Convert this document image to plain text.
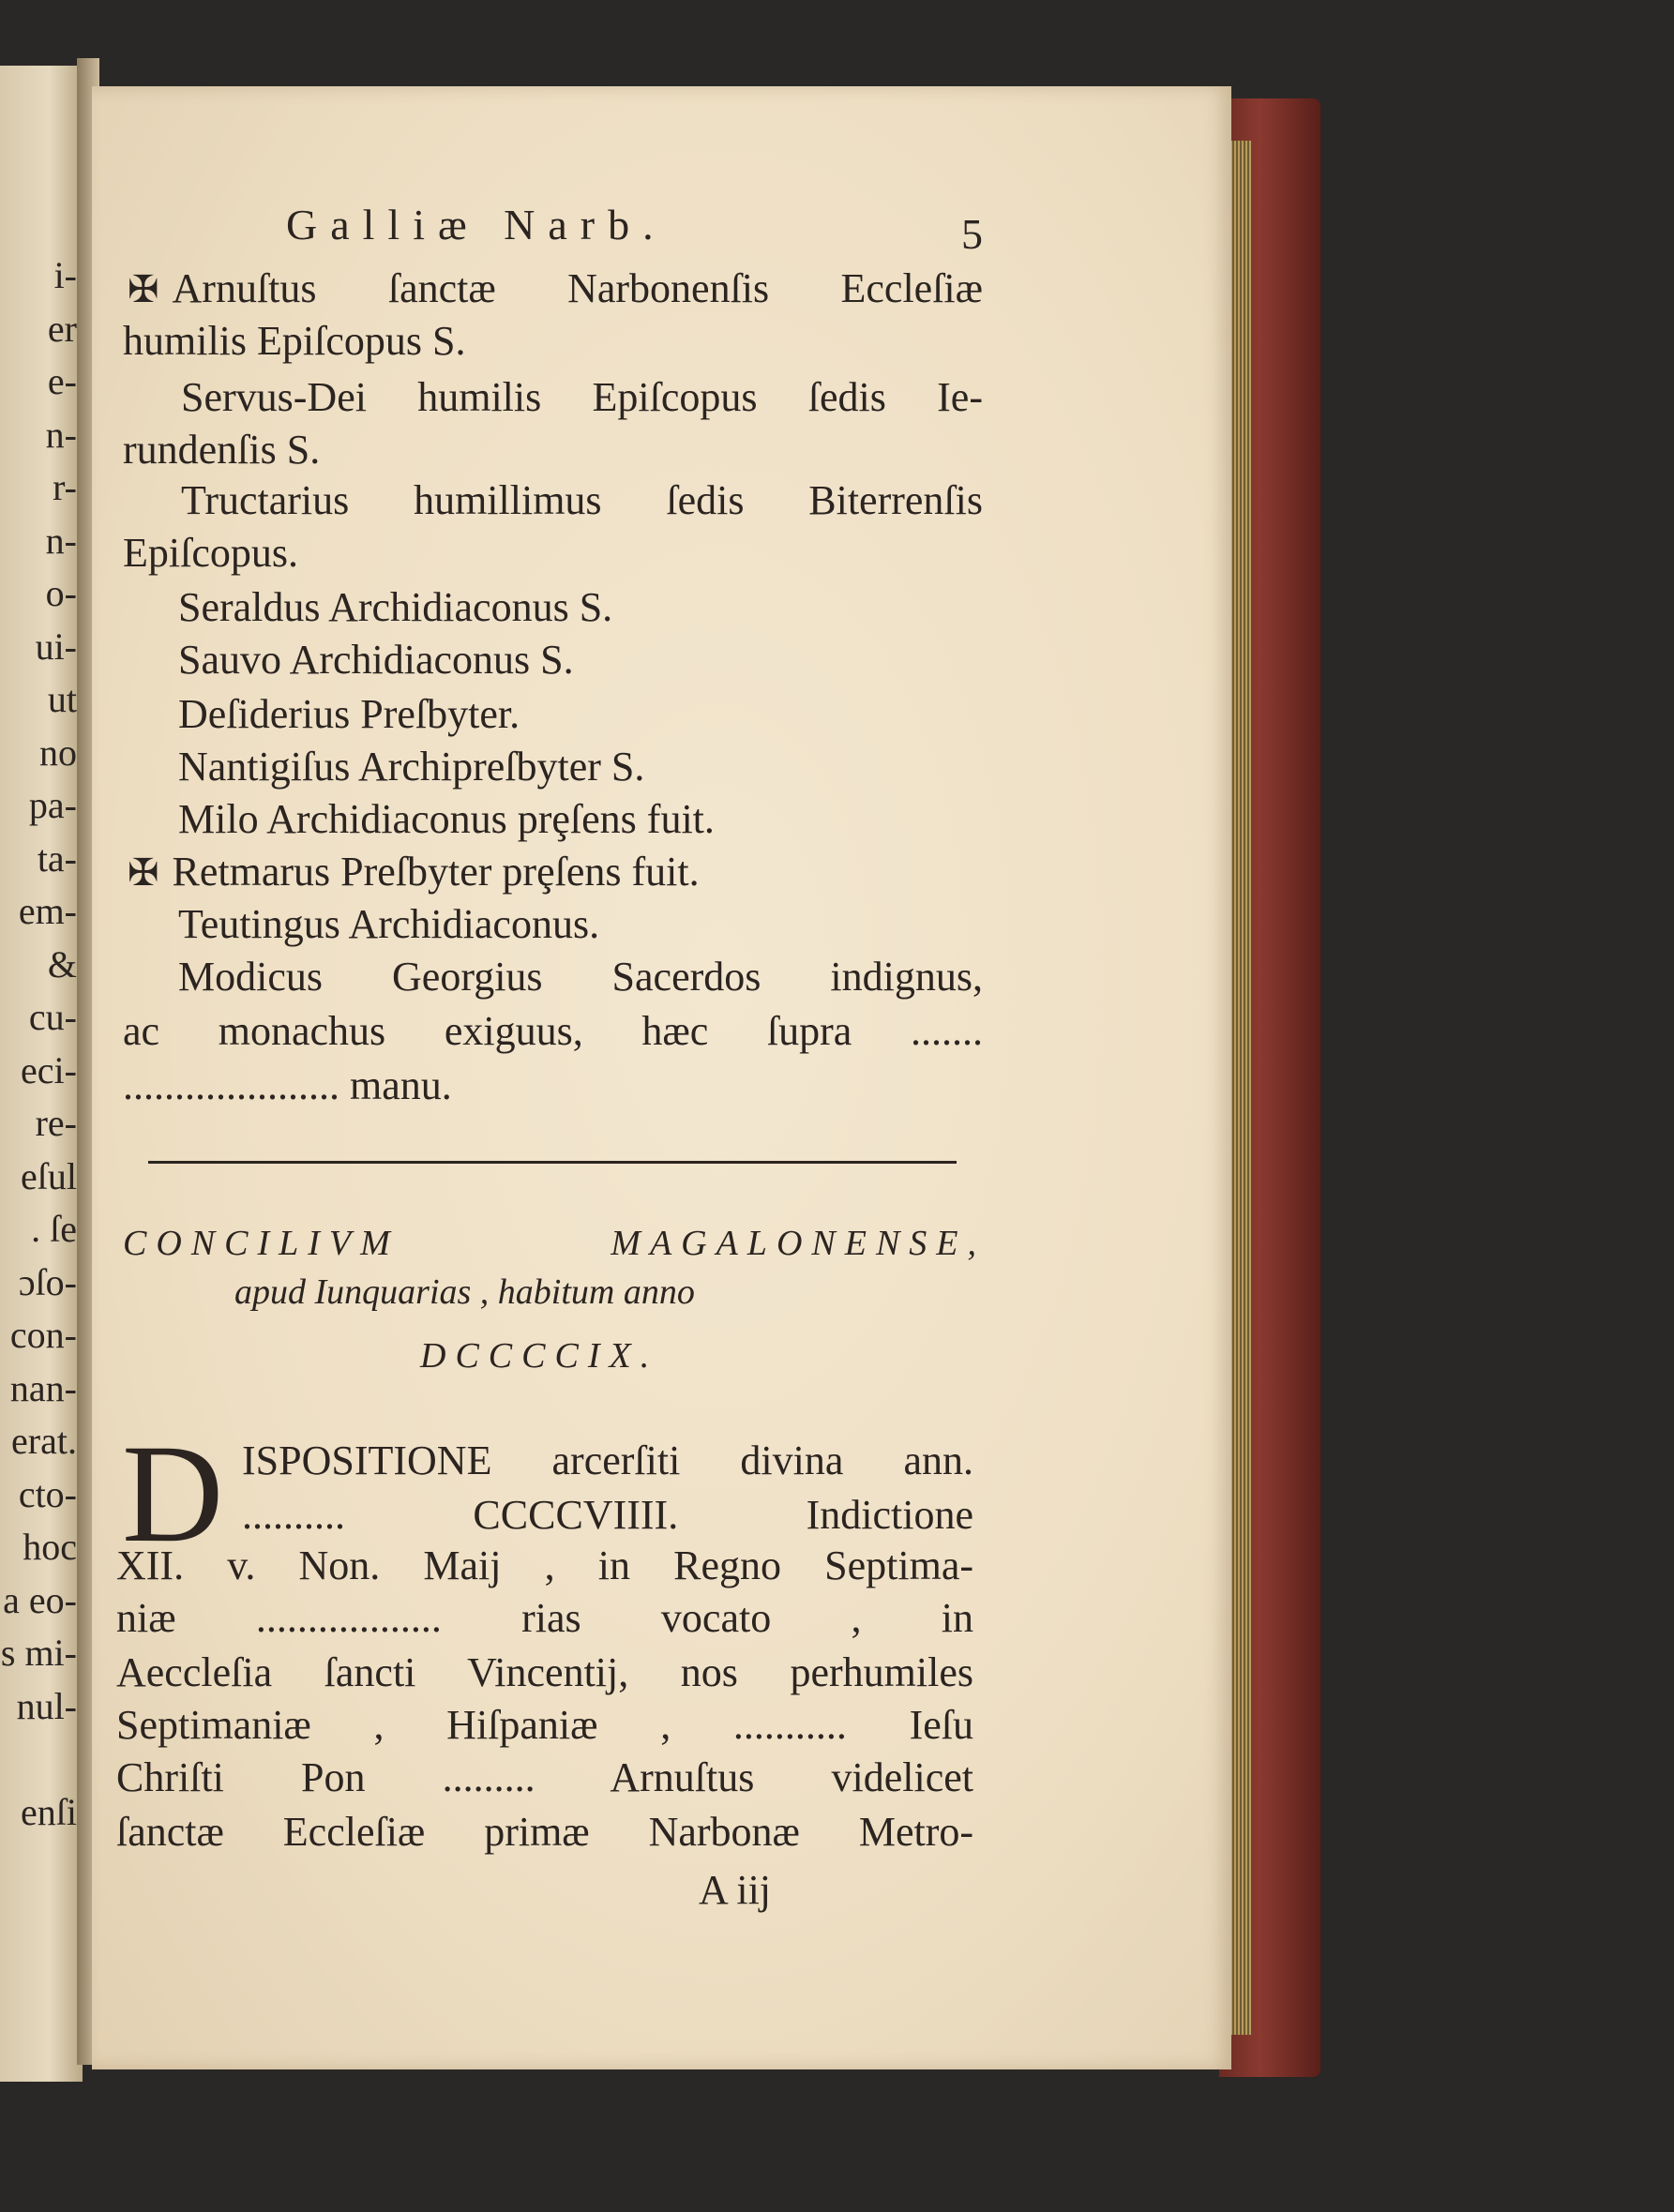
i-
er
e-
n-
r-
n-
o-
ui-
ut
no
pa-
ta-
em-
&
cu-
eci-
re-
eſul
. ſe
ɔſo-
con-
nan-
erat.
cto-
hoc
a eo-
s mi-
nul-
enſi
Galliæ Narb.	5
✠ Arnuſtus ſanctæ Narbonenſis Eccleſiæ
humilis Epiſcopus S.
Servus-Dei humilis Epiſcopus ſedis Ie-
rundenſis S.
Tructarius humillimus ſedis Biterrenſis
Epiſcopus.
Seraldus Archidiaconus S.
Sauvo Archidiaconus S.
Deſiderius Preſbyter.
Nantigiſus Archipreſbyter S.
Milo Archidiaconus prȩſens fuit.
✠ Retmarus Preſbyter prȩſens fuit.
Teutingus Archidiaconus.
Modicus Georgius Sacerdos indignus,
ac monachus exiguus, hæc ſupra .......
..................... manu.
CONCILIVM MAGALONENSE,
apud Iunquarias , habitum anno
DCCCCIX.
D ISPOSITIONE arcerſiti divina ann.
.......... CCCCVIIII. Indictione
XII. v. Non. Maij , in Regno Septima-
niæ .................. rias vocato , in
Aeccleſia ſancti Vincentij, nos perhumiles
Septimaniæ , Hiſpaniæ , ........... Ieſu
Chriſti Pon ......... Arnuſtus videlicet
ſanctæ Eccleſiæ primæ Narbonæ Metro-
A iij
